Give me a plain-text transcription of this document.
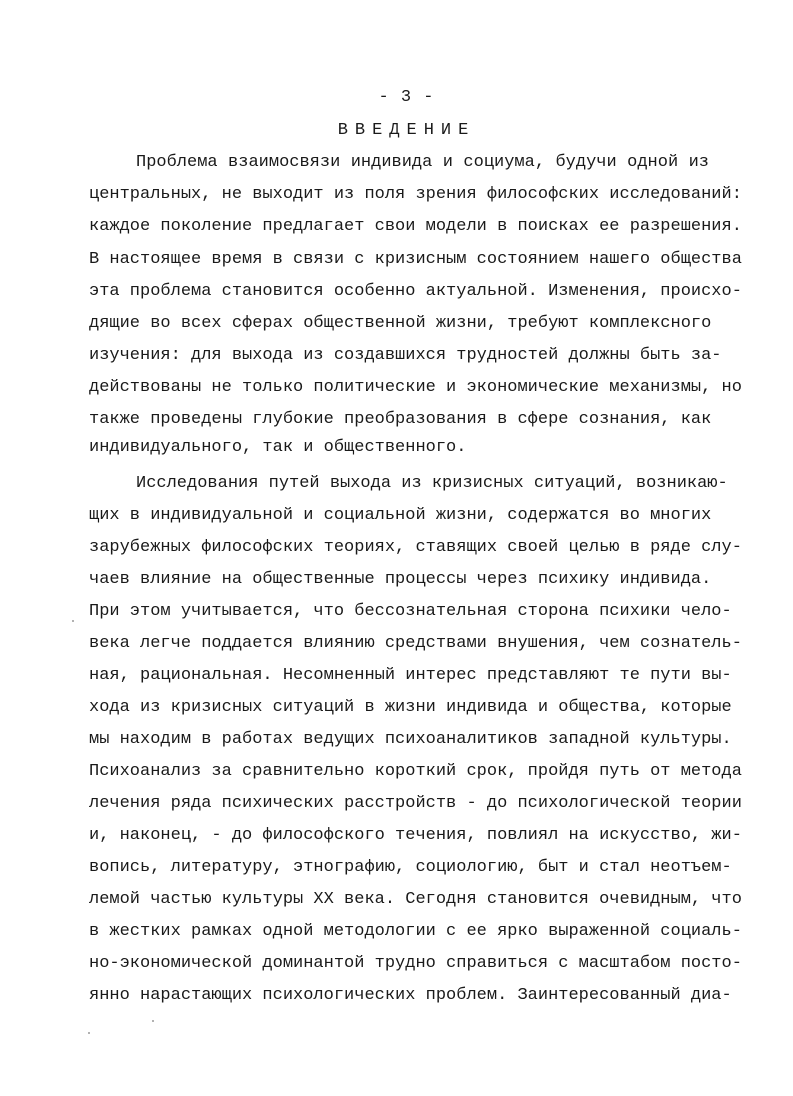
- 3 -
ВВЕДЕНИЕ
Проблема взаимосвязи индивида и социума, будучи одной из
центральных, не выходит из поля зрения философских исследований:
каждое поколение предлагает свои модели в поисках ее разрешения.
В настоящее время в связи с кризисным состоянием нашего общества
эта проблема становится особенно актуальной. Изменения, происхо-
дящие во всех сферах общественной жизни, требуют комплексного
изучения: для выхода из создавшихся трудностей должны быть за-
действованы не только политические и экономические механизмы, но
также проведены глубокие преобразования в сфере сознания, как
индивидуального, так и общественного.
Исследования путей выхода из кризисных ситуаций, возникаю-
щих в индивидуальной и социальной жизни, содержатся во многих
зарубежных философских теориях, ставящих своей целью в ряде слу-
чаев влияние на общественные процессы через психику индивида.
При этом учитывается, что бессознательная сторона психики чело-
века легче поддается влиянию средствами внушения, чем сознатель-
ная, рациональная. Несомненный интерес представляют те пути вы-
хода из кризисных ситуаций в жизни индивида и общества, которые
мы находим в работах ведущих психоаналитиков западной культуры.
Психоанализ за сравнительно короткий срок, пройдя путь от метода
лечения ряда психических расстройств - до психологической теории
и, наконец, - до философского течения, повлиял на искусство, жи-
вопись, литературу, этнографию, социологию, быт и стал неотъем-
лемой частью культуры XX века. Сегодня становится очевидным, что
в жестких рамках одной методологии с ее ярко выраженной социаль-
но-экономической доминантой трудно справиться с масштабом посто-
янно нарастающих психологических проблем. Заинтересованный диа-
